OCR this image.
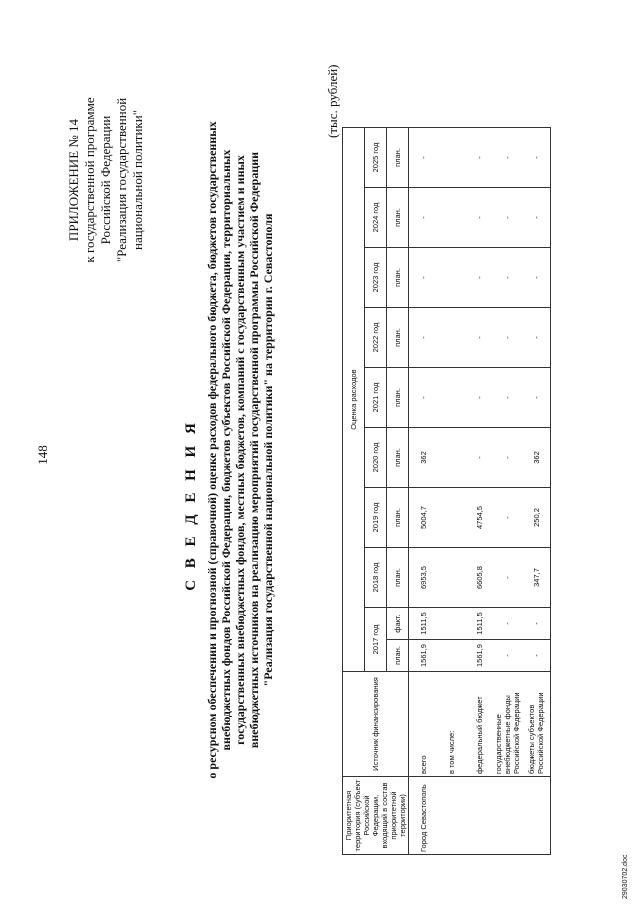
148
ПРИЛОЖЕНИЕ № 14 к государственной программе Российской Федерации "Реализация государственной национальной политики"
С В Е Д Е Н И Я о ресурсном обеспечении и прогнозной (справочной) оценке расходов федерального бюджета, бюджетов государственных внебюджетных фондов Российской Федерации, бюджетов субъектов Российской Федерации, территориальных государственных внебюджетных фондов, местных бюджетов, компаний с государственным участием и иных внебюджетных источников на реализацию мероприятий государственной программы Российской Федерации "Реализация государственной национальной политики" на территории г. Севастополя
(тыс. рублей)
Приоритетная территория (субъект Российской Федерации, входящий в состав приоритетной территории)	Источник финансирования	Оценка расходов									
		2017 год		2018 год	2019 год	2020 год	2021 год	2022 год	2023 год	2024 год	2025 год
		план.	факт.	план.	план.	план.	план.	план.	план.	план.	план.
Город Севастополь	всего	1561,9	1511,5	6953,5	5004,7	362	-	-	-	-	-
	в том числе:										
	федеральный бюджет	1561,9	1511,5	6605,8	4754,5	-	-	-	-	-	-
	государственные внебюджетные фонды Российской Федерации	-	-	-	-	-	-	-	-	-	-
	бюджеты субъектов Российской Федерации	-	-	347,7	250,2	362	-	-	-	-	-
29030702.doc
